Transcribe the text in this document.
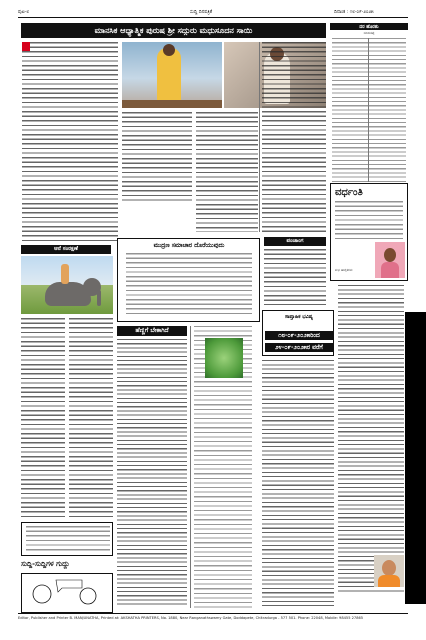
ಪುಟ-೮	ಸುದ್ದಿ ದಿನಪತ್ರಿಕೆ	ದಿನಾಂಕ : ೧೮-೦೯-೨೦೨೫
ಮಾನಸಿಕ ಆಧ್ಯಾತ್ಮಿಕ ಪುರುಷ ಶ್ರೀ ಸದ್ಗುರು ಮಧುಸೂದನ ಸಾಯಿ	ದರ ಹೊರತು
ಮಾರುಕಟ್ಟೆ
ಪಂಚಾಂಗ
ವರ್ಧಂತಿ
ಶುಭ ಹಾರೈಕೆಗಳು
ಆನೆ ಸಂರಕ್ಷಣೆ	ಮುದ್ರಣ ಸಮಾಚಾರ ದೊರೆಯುವುದು
ಹೆಣ್ಣಿಗೆ ಬೇಕಾಗಿದೆ
ಸಾಪ್ತಾಹಿಕ ಭವಿಷ್ಯ
೧೮-೦೯-೨೦೨೫ರಿಂದ
೨೪-೦೯-೨೦೨೫ರ ವರೆಗೆ
ಸುದ್ದಿ-ಸುದ್ದಿಗಳ ಗುದ್ದು
Editor, Publisher and Printer B. MANJUNATHA, Printed at: AKSHATHA PRINTERS, No. 1880, Near Ranganathswamy Gate, Doddapete, Chitradurga - 577 501. Phone: 22048, Mobile: 98455 27865
